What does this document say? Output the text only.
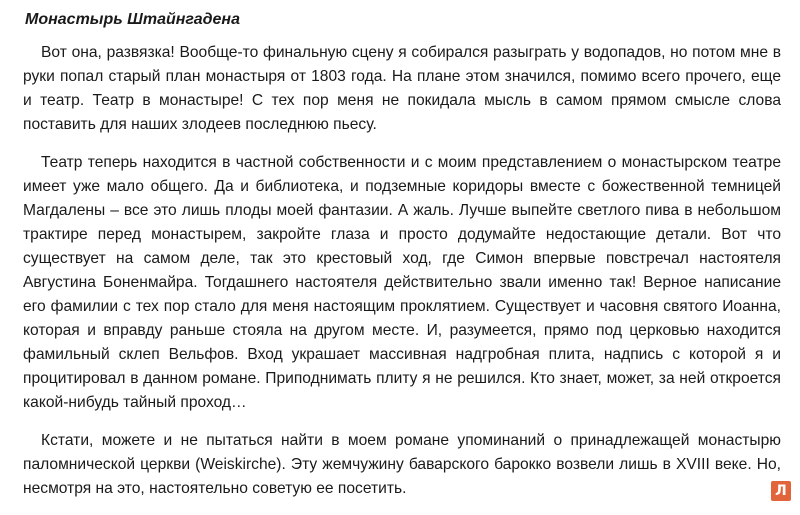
Монастырь Штайнгадена

Вот она, развязка! Вообще-то финальную сцену я собирался разыграть у водопадов, но потом мне в руки попал старый план монастыря от 1803 года. На плане этом значился, помимо всего прочего, еще и театр. Театр в монастыре! С тех пор меня не покидала мысль в самом прямом смысле слова поставить для наших злодеев последнюю пьесу.

Театр теперь находится в частной собственности и с моим представлением о монастырском театре имеет уже мало общего. Да и библиотека, и подземные коридоры вместе с божественной темницей Магдалены – все это лишь плоды моей фантазии. А жаль. Лучше выпейте светлого пива в небольшом трактире перед монастырем, закройте глаза и просто додумайте недостающие детали. Вот что существует на самом деле, так это крестовый ход, где Симон впервые повстречал настоятеля Августина Боненмайра. Тогдашнего настоятеля действительно звали именно так! Верное написание его фамилии с тех пор стало для меня настоящим проклятием. Существует и часовня святого Иоанна, которая и вправду раньше стояла на другом месте. И, разумеется, прямо под церковью находится фамильный склеп Вельфов. Вход украшает массивная надгробная плита, надпись с которой я и процитировал в данном романе. Приподнимать плиту я не решился. Кто знает, может, за ней откроется какой-нибудь тайный проход…

Кстати, можете и не пытаться найти в моем романе упоминаний о принадлежащей монастырю паломнической церкви (Weiskirche). Эту жемчужину баварского барокко возвели лишь в XVIII веке. Но, несмотря на это, настоятельно советую ее посетить.	Л
